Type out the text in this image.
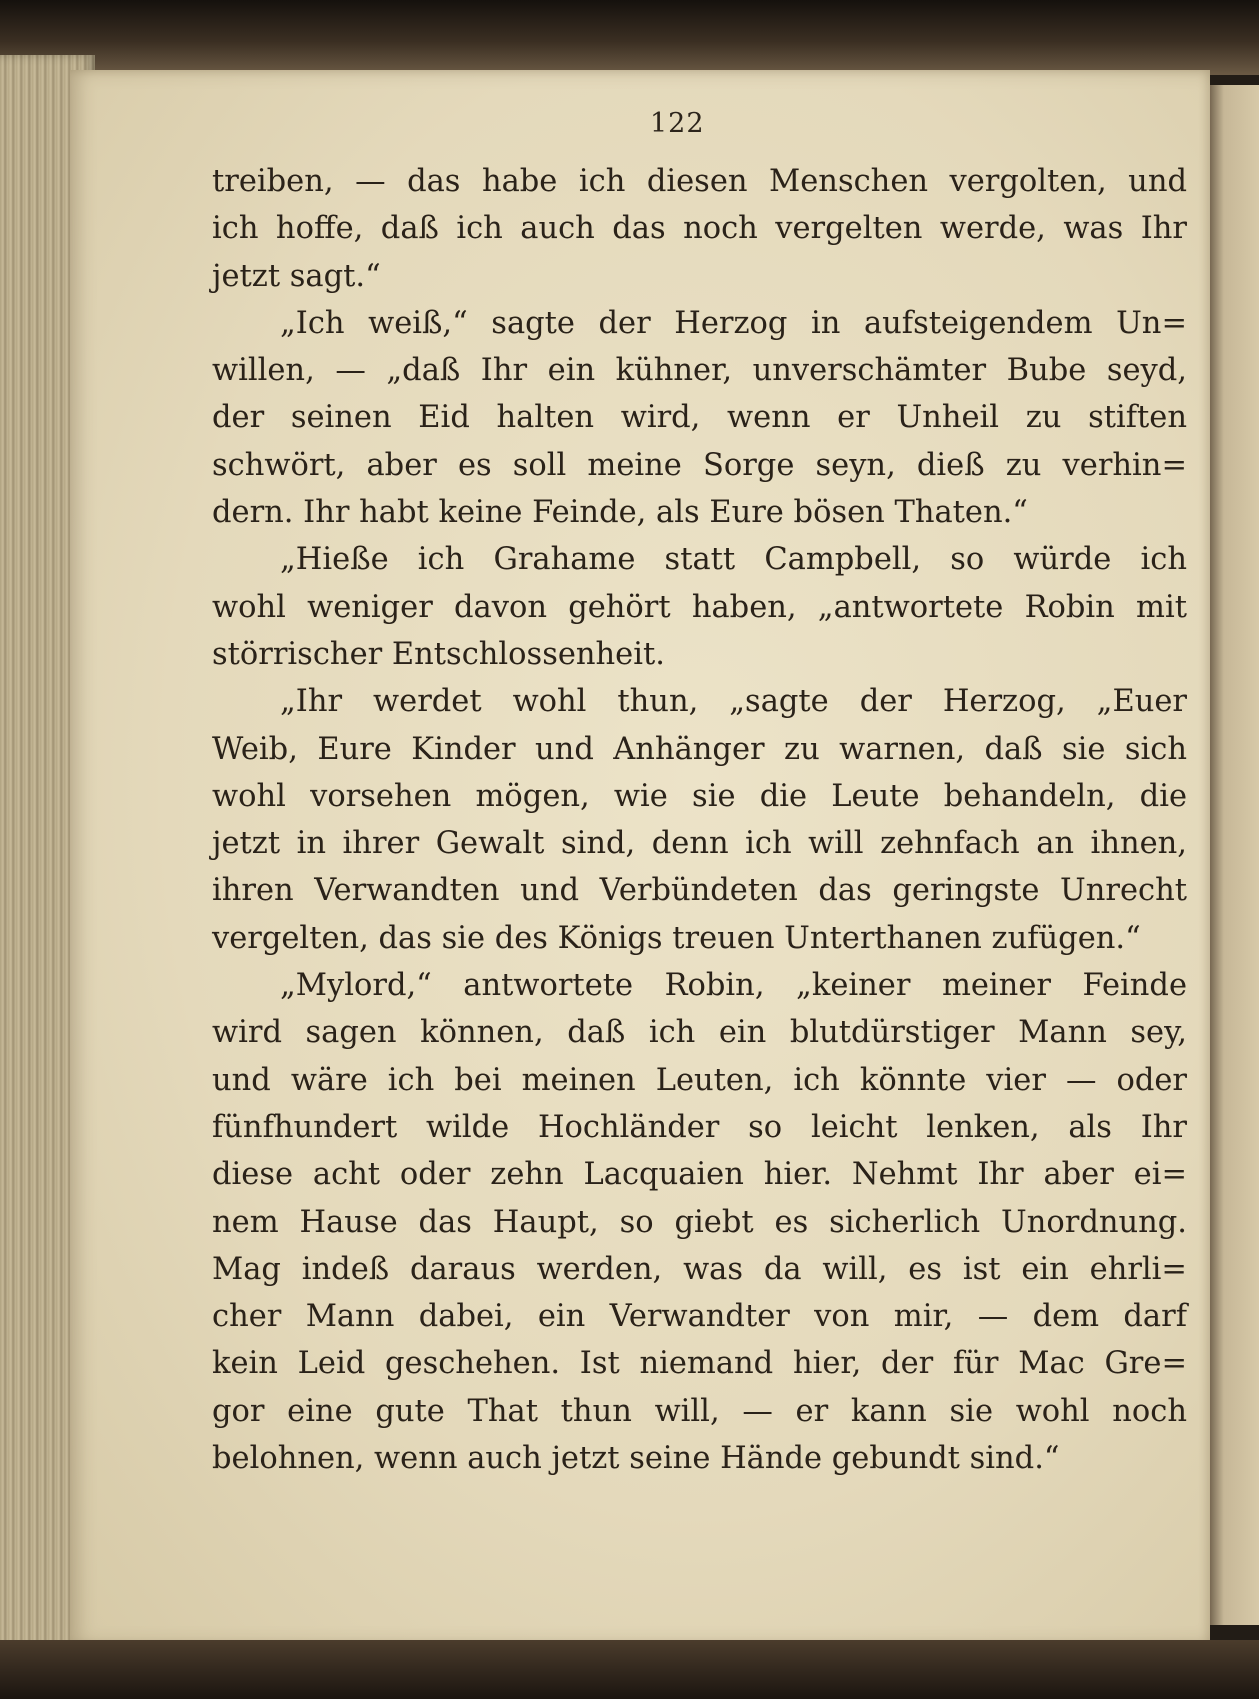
122
treiben, — das habe ich diesen Menschen vergolten, und
ich hoffe, daß ich auch das noch vergelten werde, was Ihr
jetzt sagt.“
„Ich weiß,“ sagte der Herzog in aufsteigendem Un=
willen, — „daß Ihr ein kühner, unverschämter Bube seyd,
der seinen Eid halten wird, wenn er Unheil zu stiften
schwört, aber es soll meine Sorge seyn, dieß zu verhin=
dern. Ihr habt keine Feinde, als Eure bösen Thaten.“
„Hieße ich Grahame statt Campbell, so würde ich
wohl weniger davon gehört haben, „antwortete Robin mit
störrischer Entschlossenheit.
„Ihr werdet wohl thun, „sagte der Herzog, „Euer
Weib, Eure Kinder und Anhänger zu warnen, daß sie sich
wohl vorsehen mögen, wie sie die Leute behandeln, die
jetzt in ihrer Gewalt sind, denn ich will zehnfach an ihnen,
ihren Verwandten und Verbündeten das geringste Unrecht
vergelten, das sie des Königs treuen Unterthanen zufügen.“
„Mylord,“ antwortete Robin, „keiner meiner Feinde
wird sagen können, daß ich ein blutdürstiger Mann sey,
und wäre ich bei meinen Leuten, ich könnte vier — oder
fünfhundert wilde Hochländer so leicht lenken, als Ihr
diese acht oder zehn Lacquaien hier. Nehmt Ihr aber ei=
nem Hause das Haupt, so giebt es sicherlich Unordnung.
Mag indeß daraus werden, was da will, es ist ein ehrli=
cher Mann dabei, ein Verwandter von mir, — dem darf
kein Leid geschehen. Ist niemand hier, der für Mac Gre=
gor eine gute That thun will, — er kann sie wohl noch
belohnen, wenn auch jetzt seine Hände gebundt sind.“
